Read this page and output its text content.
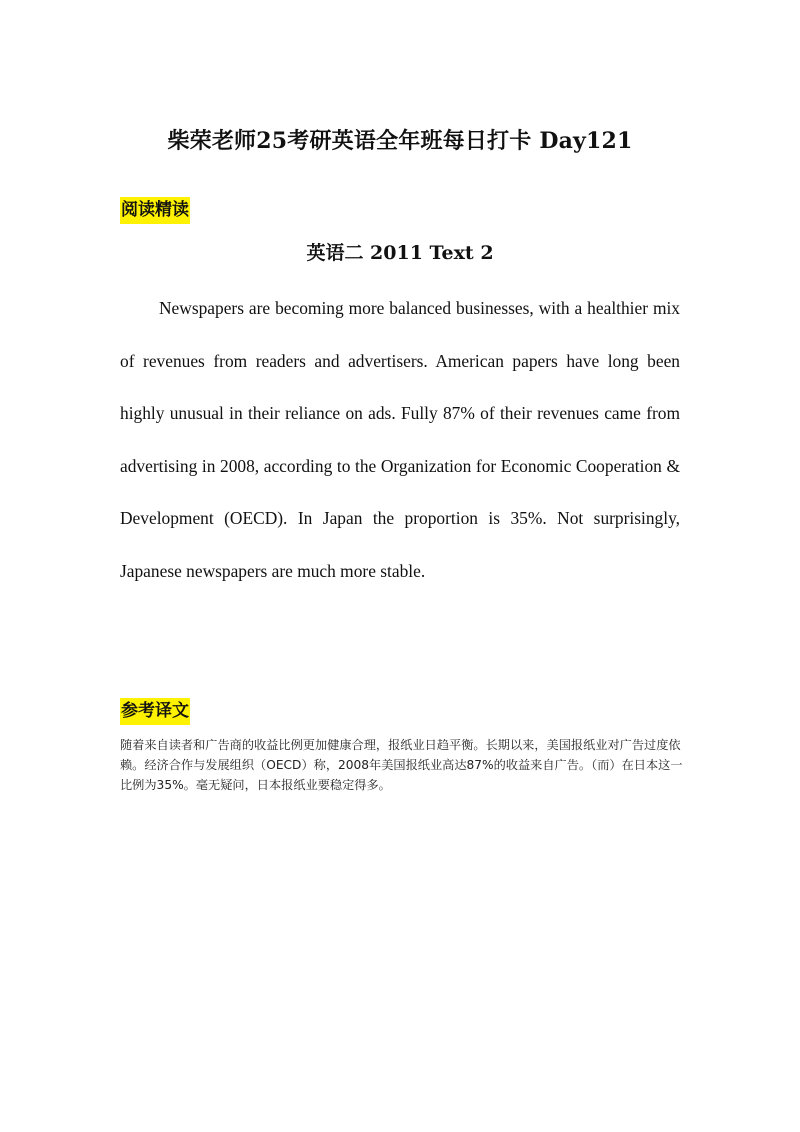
柴荣老师25考研英语全年班每日打卡 Day121
阅读精读
英语二 2011 Text 2

Newspapers are becoming more balanced businesses, with a healthier mix of revenues from readers and advertisers. American papers have long been highly unusual in their reliance on ads. Fully 87% of their revenues came from advertising in 2008, according to the Organization for Economic Cooperation & Development (OECD). In Japan the proportion is 35%. Not surprisingly, Japanese newspapers are much more stable.

参考译文

随着来自读者和广告商的收益比例更加健康合理，报纸业日趋平衡。长期以来，美国报纸业对广告过度依赖。经济合作与发展组织（OECD）称，2008年美国报纸业高达87%的收益来自广告。（而）在日本这一比例为35%。毫无疑问，日本报纸业要稳定得多。
